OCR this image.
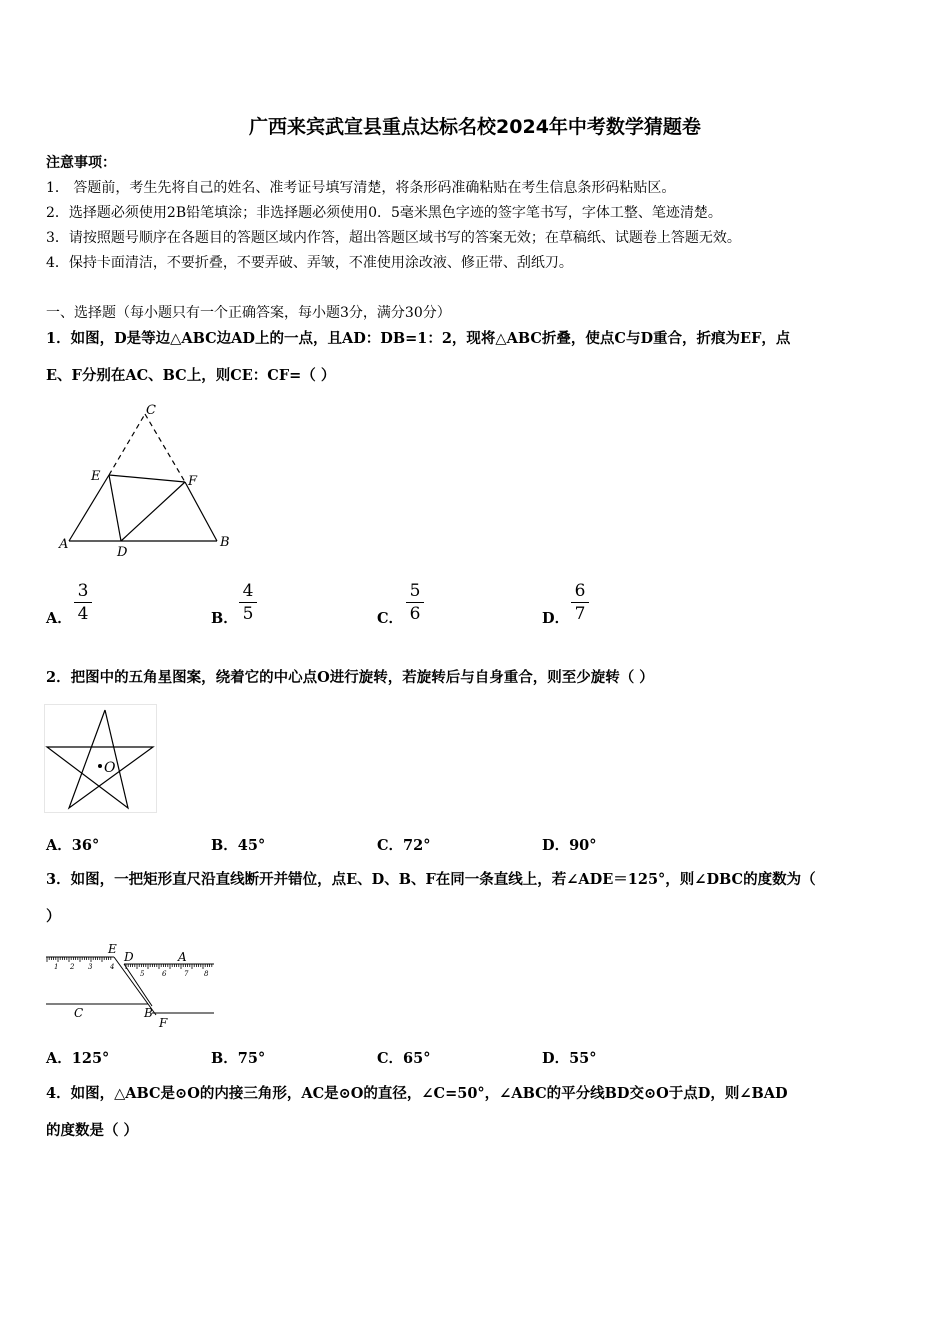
广西来宾武宣县重点达标名校2024年中考数学猜题卷
注意事项：
1． 答题前，考生先将自己的姓名、准考证号填写清楚，将条形码准确粘贴在考生信息条形码粘贴区。
2．选择题必须使用2B铅笔填涂；非选择题必须使用0．5毫米黑色字迹的签字笔书写，字体工整、笔迹清楚。
3．请按照题号顺序在各题目的答题区域内作答，超出答题区域书写的答案无效；在草稿纸、试题卷上答题无效。
4．保持卡面清洁，不要折叠，不要弄破、弄皱，不准使用涂改液、修正带、刮纸刀。
一、选择题（每小题只有一个正确答案，每小题3分，满分30分）
1．如图，D是等边△ABC边AD上的一点，且AD：DB=1：2，现将△ABC折叠，使点C与D重合，折痕为EF，点
E、F分别在AC、BC上，则CE：CF=（ ）
A	B
C
D
E	F
A．
3
4	B．
4
5	C．
5
6	D．
6
7
2．把图中的五角星图案，绕着它的中心点O进行旋转，若旋转后与自身重合，则至少旋转（ ）
O
A．36°	B．45°	C．72°	D．90°
3．如图，一把矩形直尺沿直线断开并错位，点E、D、B、F在同一条直线上，若∠ADE＝125°，则∠DBC的度数为（
）
1 2 3	4
5	6	7 8
E
D	A
C	B
F
A．125°	B．75°	C．65°	D．55°
4．如图，△ABC是⊙O的内接三角形，AC是⊙O的直径，∠C=50°，∠ABC的平分线BD交⊙O于点D，则∠BAD
的度数是（ ）
